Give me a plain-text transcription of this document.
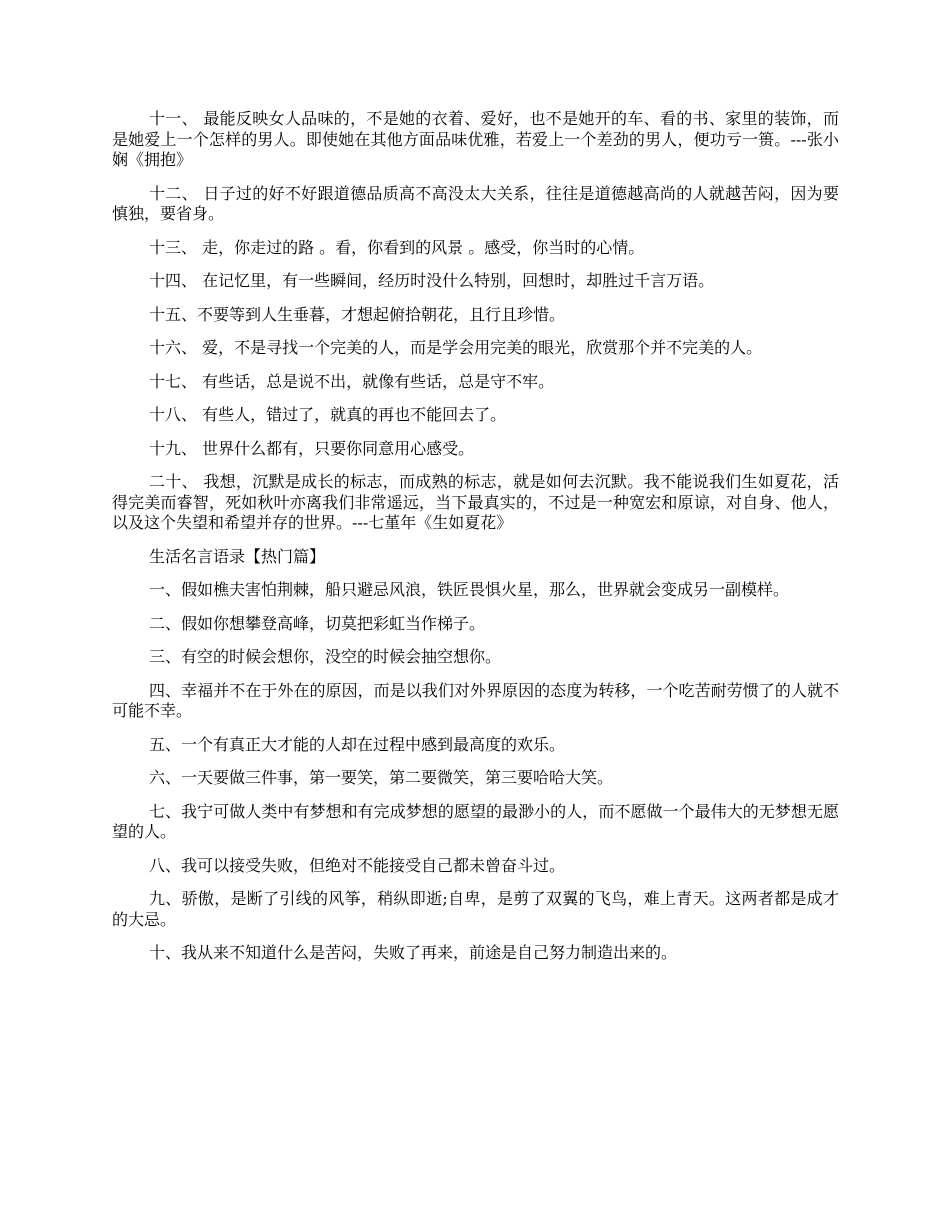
十一、 最能反映女人品味的，不是她的衣着、爱好，也不是她开的车、看的书、家里的装饰，而是她爱上一个怎样的男人。即使她在其他方面品味优雅，若爱上一个差劲的男人，便功亏一篑。---张小娴《拥抱》

十二、 日子过的好不好跟道德品质高不高没太大关系，往往是道德越高尚的人就越苦闷，因为要慎独，要省身。

十三、 走，你走过的路 。看，你看到的风景 。感受，你当时的心情。

十四、 在记忆里，有一些瞬间，经历时没什么特别，回想时，却胜过千言万语。

十五、不要等到人生垂暮，才想起俯拾朝花，且行且珍惜。

十六、 爱，不是寻找一个完美的人，而是学会用完美的眼光，欣赏那个并不完美的人。

十七、 有些话，总是说不出，就像有些话，总是守不牢。

十八、 有些人，错过了，就真的再也不能回去了。

十九、 世界什么都有，只要你同意用心感受。

二十、 我想，沉默是成长的标志，而成熟的标志，就是如何去沉默。我不能说我们生如夏花，活得完美而睿智，死如秋叶亦离我们非常遥远，当下最真实的，不过是一种宽宏和原谅，对自身、他人，以及这个失望和希望并存的世界。---七堇年《生如夏花》

生活名言语录【热门篇】

一、假如樵夫害怕荆棘，船只避忌风浪，铁匠畏惧火星，那么，世界就会变成另一副模样。

二、假如你想攀登高峰，切莫把彩虹当作梯子。

三、有空的时候会想你，没空的时候会抽空想你。

四、幸福并不在于外在的原因，而是以我们对外界原因的态度为转移，一个吃苦耐劳惯了的人就不可能不幸。

五、一个有真正大才能的人却在过程中感到最高度的欢乐。

六、一天要做三件事，第一要笑，第二要微笑，第三要哈哈大笑。

七、我宁可做人类中有梦想和有完成梦想的愿望的最渺小的人，而不愿做一个最伟大的无梦想无愿望的人。

八、我可以接受失败，但绝对不能接受自己都未曾奋斗过。

九、骄傲，是断了引线的风筝，稍纵即逝;自卑，是剪了双翼的飞鸟，难上青天。这两者都是成才的大忌。

十、我从来不知道什么是苦闷，失败了再来，前途是自己努力制造出来的。
